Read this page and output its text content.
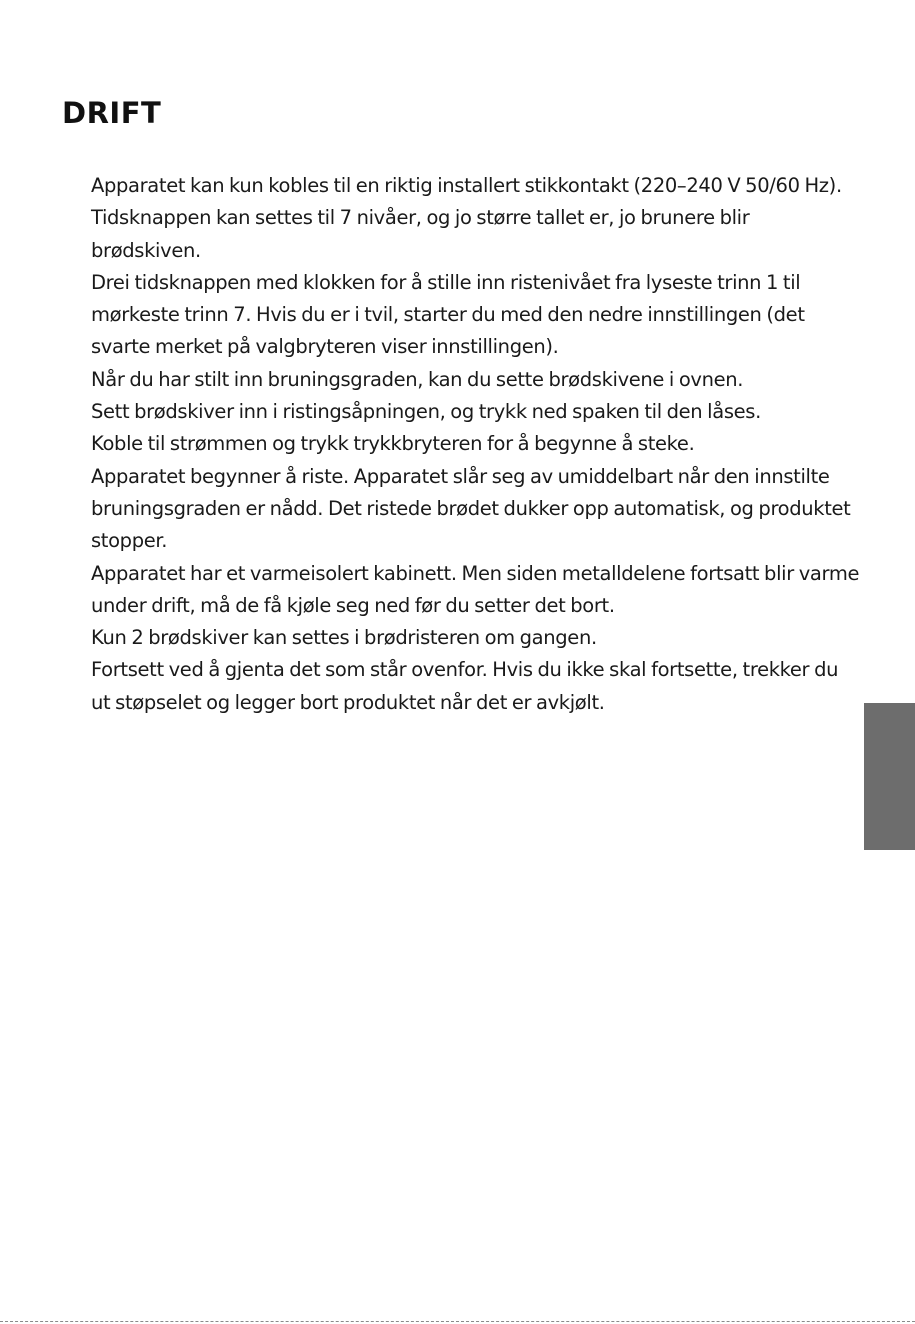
DRIFT

Apparatet kan kun kobles til en riktig installert stikkontakt (220–240 V 50/60 Hz).

Tidsknappen kan settes til 7 nivåer, og jo større tallet er, jo brunere blir brødskiven.

Drei tidsknappen med klokken for å stille inn ristenivået fra lyseste trinn 1 til mørkeste trinn 7. Hvis du er i tvil, starter du med den nedre innstillingen (det svarte merket på valgbryteren viser innstillingen).

Når du har stilt inn bruningsgraden, kan du sette brødskivene i ovnen.

Sett brødskiver inn i ristingsåpningen, og trykk ned spaken til den låses.

Koble til strømmen og trykk trykkbryteren for å begynne å steke.

Apparatet begynner å riste. Apparatet slår seg av umiddelbart når den innstilte bruningsgraden er nådd. Det ristede brødet dukker opp automatisk, og produktet stopper.

Apparatet har et varmeisolert kabinett. Men siden metalldelene fortsatt blir varme under drift, må de få kjøle seg ned før du setter det bort.

Kun 2 brødskiver kan settes i brødristeren om gangen.

Fortsett ved å gjenta det som står ovenfor. Hvis du ikke skal fortsette, trekker du ut støpselet og legger bort produktet når det er avkjølt.
